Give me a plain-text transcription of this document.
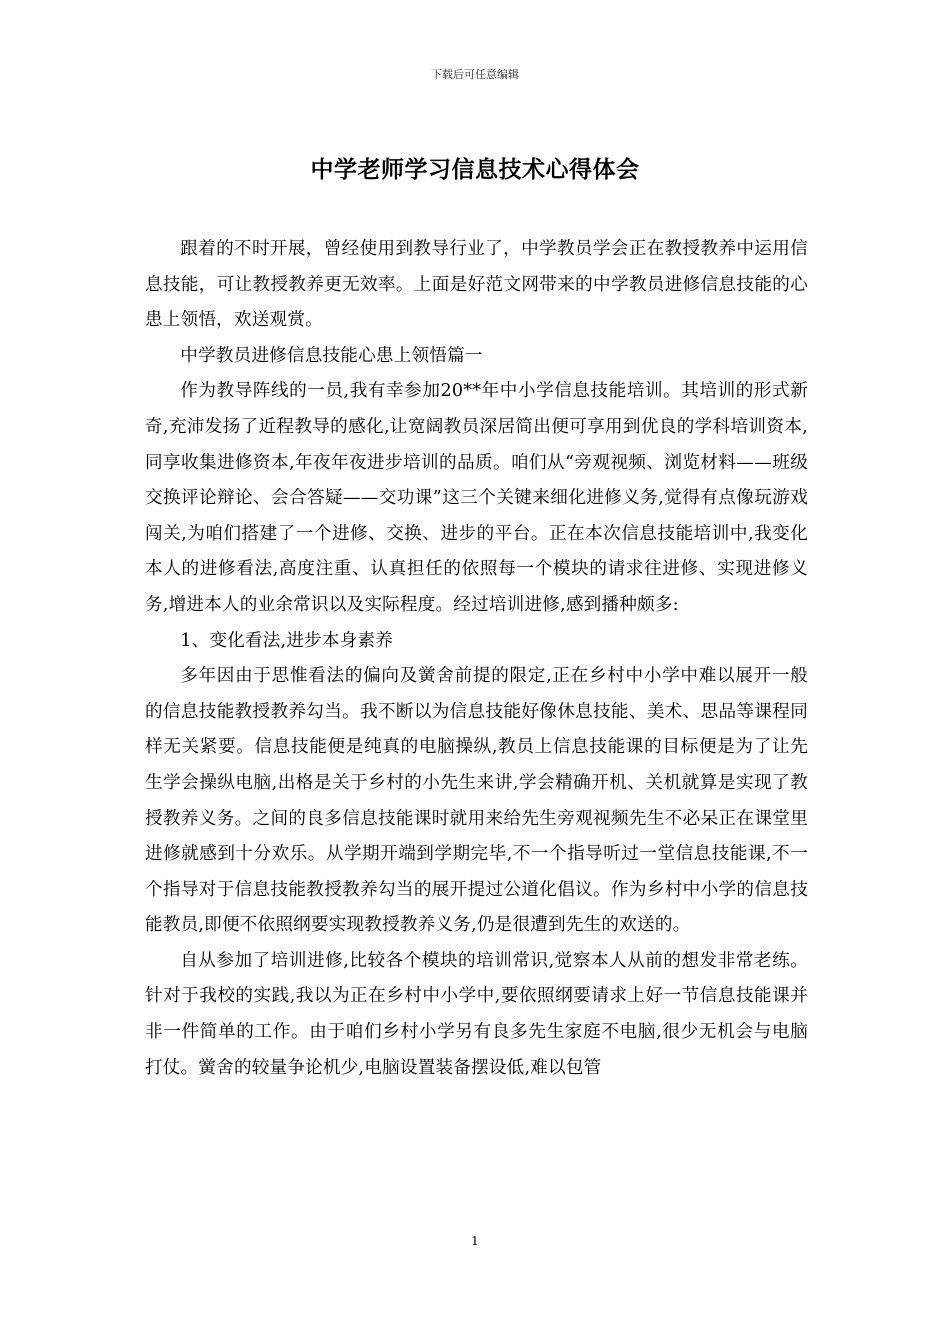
下载后可任意编辑
中学老师学习信息技术心得体会

跟着的不时开展，曾经使用到教导行业了，中学教员学会正在教授教养中运用信息技能，可让教授教养更无效率。上面是好范文网带来的中学教员进修信息技能的心患上领悟，欢送观赏。

中学教员进修信息技能心患上领悟篇一

作为教导阵线的一员,我有幸参加20**年中小学信息技能培训。其培训的形式新奇,充沛发扬了近程教导的感化,让宽阔教员深居简出便可享用到优良的学科培训资本,同享收集进修资本,年夜年夜进步培训的品质。咱们从“旁观视频、浏览材料——班级交换评论辩论、会合答疑——交功课”这三个关键来细化进修义务,觉得有点像玩游戏闯关,为咱们搭建了一个进修、交换、进步的平台。正在本次信息技能培训中,我变化本人的进修看法,高度注重、认真担任的依照每一个模块的请求往进修、实现进修义务,增进本人的业余常识以及实际程度。经过培训进修,感到播种颇多:

1、变化看法,进步本身素养

多年因由于思惟看法的偏向及黉舍前提的限定,正在乡村中小学中难以展开一般的信息技能教授教养勾当。我不断以为信息技能好像休息技能、美术、思品等课程同样无关紧要。信息技能便是纯真的电脑操纵,教员上信息技能课的目标便是为了让先生学会操纵电脑,出格是关于乡村的小先生来讲,学会精确开机、关机就算是实现了教授教养义务。之间的良多信息技能课时就用来给先生旁观视频先生不必呆正在课堂里进修就感到十分欢乐。从学期开端到学期完毕,不一个指导听过一堂信息技能课,不一个指导对于信息技能教授教养勾当的展开提过公道化倡议。作为乡村中小学的信息技能教员,即便不依照纲要实现教授教养义务,仍是很遭到先生的欢送的。

自从参加了培训进修,比较各个模块的培训常识,觉察本人从前的想发非常老练。针对于我校的实践,我以为正在乡村中小学中,要依照纲要请求上好一节信息技能课并非一件简单的工作。由于咱们乡村小学另有良多先生家庭不电脑,很少无机会与电脑打仗。黉舍的较量争论机少,电脑设置装备摆设低,难以包管

1
